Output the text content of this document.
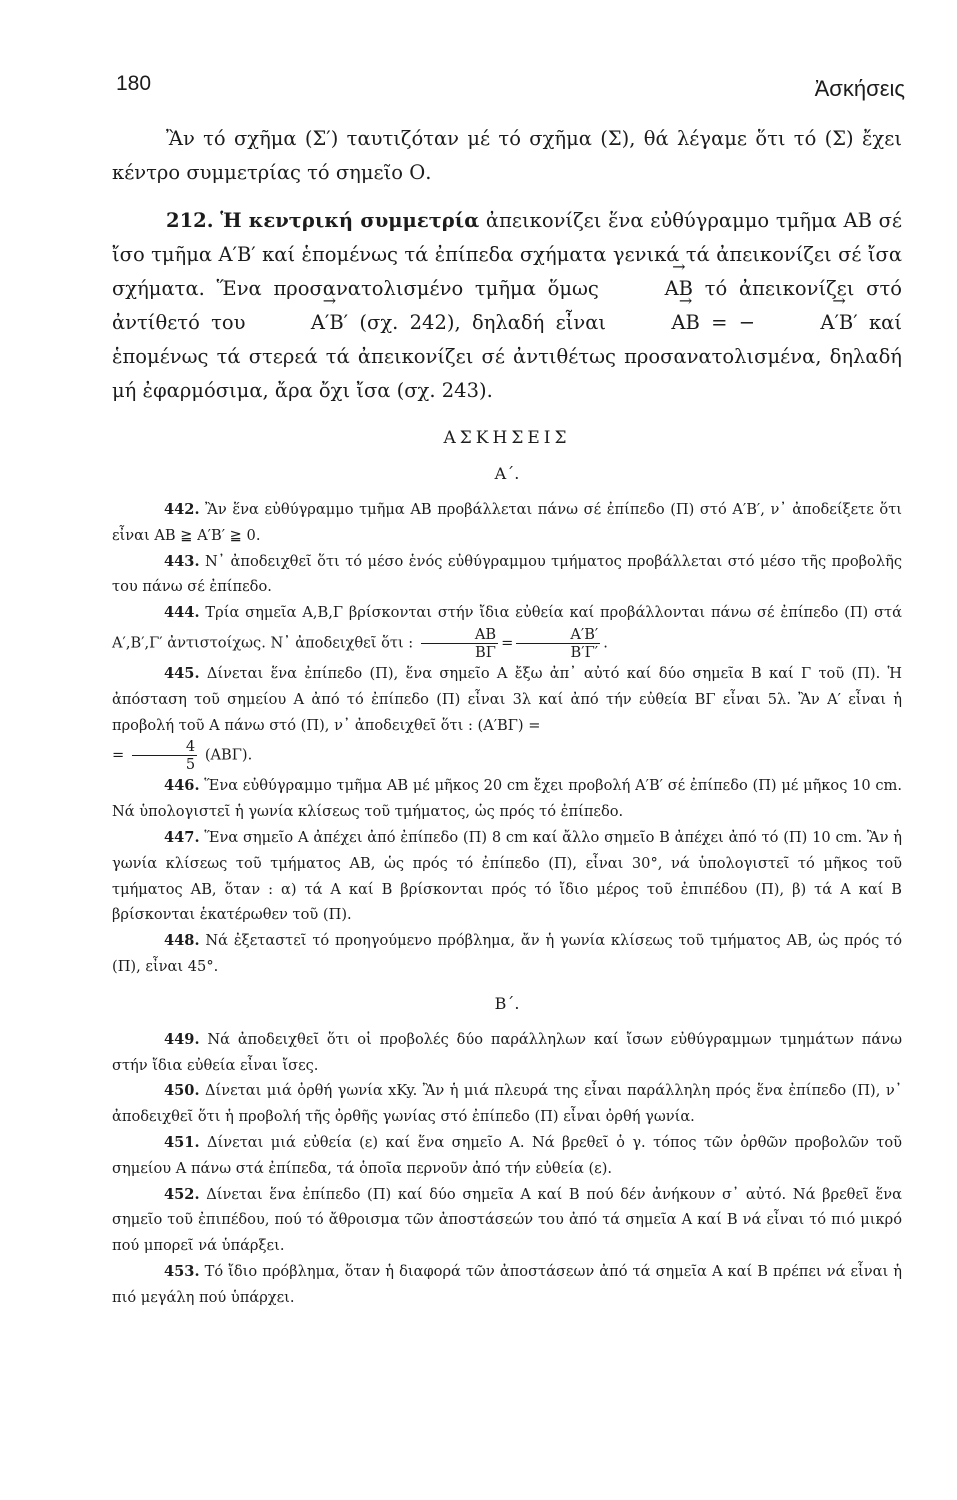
180	Ἀσκήσεις

Ἂν τό σχῆμα (Σ′) ταυτιζόταν μέ τό σχῆμα (Σ), θά λέγαμε ὅτι τό (Σ) ἔχει κέντρο συμμετρίας τό σημεῖο Ο.

212. Ἡ κεντρική συμμετρία ἀπεικονίζει ἕνα εὐθύγραμμο τμῆμα AB σέ ἴσο τμῆμα A′B′ καί ἑπομένως τά ἐπίπεδα σχήματα γενικά τά ἀπεικονίζει σέ ἴσα σχήματα. Ἕνα προσανατολισμένο τμῆμα ὅμως	→ AB τό ἀπεικονίζει στό ἀντίθετό του	→ A′B′ (σχ. 242), δηλαδή εἶναι	→ AB = −	→ A′B′ καί ἑπομένως τά στερεά τά ἀπεικονίζει σέ ἀντιθέτως προσανατολισμένα, δηλαδή μή ἐφαρμόσιμα, ἄρα ὄχι ἴσα (σχ. 243).

ΑΣΚΗΣΕΙΣ
Α΄.

442. Ἂν ἕνα εὐθύγραμμο τμῆμα AB προβάλλεται πάνω σέ ἐπίπεδο (Π) στό A′B′, ν᾽ ἀποδείξετε ὅτι εἶναι AB ≧ A′B′ ≧ 0.

443. Ν᾽ ἀποδειχθεῖ ὅτι τό μέσο ἑνός εὐθύγραμμου τμήματος προβάλλεται στό μέσο τῆς προβολῆς του πάνω σέ ἐπίπεδο.

444. Τρία σημεῖα Α,Β,Γ βρίσκονται στήν ἴδια εὐθεία καί προβάλλονται πάνω σέ ἐπίπεδο (Π) στά Α′,Β′,Γ′ ἀντιστοίχως. Ν᾽ ἀποδειχθεῖ ὅτι : $\frac{AB}{B\Gamma} = \frac{A'B'}{B'\Gamma'}$ .

445. Δίνεται ἕνα ἐπίπεδο (Π), ἕνα σημεῖο Α ἔξω ἀπ᾽ αὐτό καί δύο σημεῖα Β καί Γ τοῦ (Π). Ἡ ἀπόσταση τοῦ σημείου Α ἀπό τό ἐπίπεδο (Π) εἶναι 3λ καί ἀπό τήν εὐθεία ΒΓ εἶναι 5λ. Ἂν Α′ εἶναι ἡ προβολή τοῦ Α πάνω στό (Π), ν᾽ ἀποδειχθεῖ ὅτι : (Α′ΒΓ) =
= $\frac{4}{5} (AB\Gamma)$.

446. Ἕνα εὐθύγραμμο τμῆμα AB μέ μῆκος 20 cm ἔχει προβολή A′B′ σέ ἐπίπεδο (Π) μέ μῆκος 10 cm. Νά ὑπολογιστεῖ ἡ γωνία κλίσεως τοῦ τμήματος, ὡς πρός τό ἐπίπεδο.

447. Ἕνα σημεῖο Α ἀπέχει ἀπό ἐπίπεδο (Π) 8 cm καί ἄλλο σημεῖο Β ἀπέχει ἀπό τό (Π) 10 cm. Ἂν ἡ γωνία κλίσεως τοῦ τμήματος AB, ὡς πρός τό ἐπίπεδο (Π), εἶναι 30°, νά ὑπολογιστεῖ τό μῆκος τοῦ τμήματος AB, ὅταν : α) τά Α καί Β βρίσκονται πρός τό ἴδιο μέρος τοῦ ἐπιπέδου (Π), β) τά Α καί Β βρίσκονται ἑκατέρωθεν τοῦ (Π).

448. Νά ἐξεταστεῖ τό προηγούμενο πρόβλημα, ἄν ἡ γωνία κλίσεως τοῦ τμήματος AB, ὡς πρός τό (Π), εἶναι 45°.

Β΄.

449. Νά ἀποδειχθεῖ ὅτι οἱ προβολές δύο παράλληλων καί ἴσων εὐθύγραμμων τμημάτων πάνω στήν ἴδια εὐθεία εἶναι ἴσες.

450. Δίνεται μιά ὀρθή γωνία xKy. Ἂν ἡ μιά πλευρά της εἶναι παράλληλη πρός ἕνα ἐπίπεδο (Π), ν᾽ ἀποδειχθεῖ ὅτι ἡ προβολή τῆς ὀρθῆς γωνίας στό ἐπίπεδο (Π) εἶναι ὀρθή γωνία.

451. Δίνεται μιά εὐθεία (ε) καί ἕνα σημεῖο Α. Νά βρεθεῖ ὁ γ. τόπος τῶν ὀρθῶν προβολῶν τοῦ σημείου Α πάνω στά ἐπίπεδα, τά ὁποῖα περνοῦν ἀπό τήν εὐθεία (ε).

452. Δίνεται ἕνα ἐπίπεδο (Π) καί δύο σημεῖα Α καί Β πού δέν ἀνήκουν σ᾽ αὐτό. Νά βρεθεῖ ἕνα σημεῖο τοῦ ἐπιπέδου, πού τό ἄθροισμα τῶν ἀποστάσεών του ἀπό τά σημεῖα Α καί Β νά εἶναι τό πιό μικρό πού μπορεῖ νά ὑπάρξει.

453. Τό ἴδιο πρόβλημα, ὅταν ἡ διαφορά τῶν ἀποστάσεων ἀπό τά σημεῖα Α καί Β πρέπει νά εἶναι ἡ πιό μεγάλη πού ὑπάρχει.
